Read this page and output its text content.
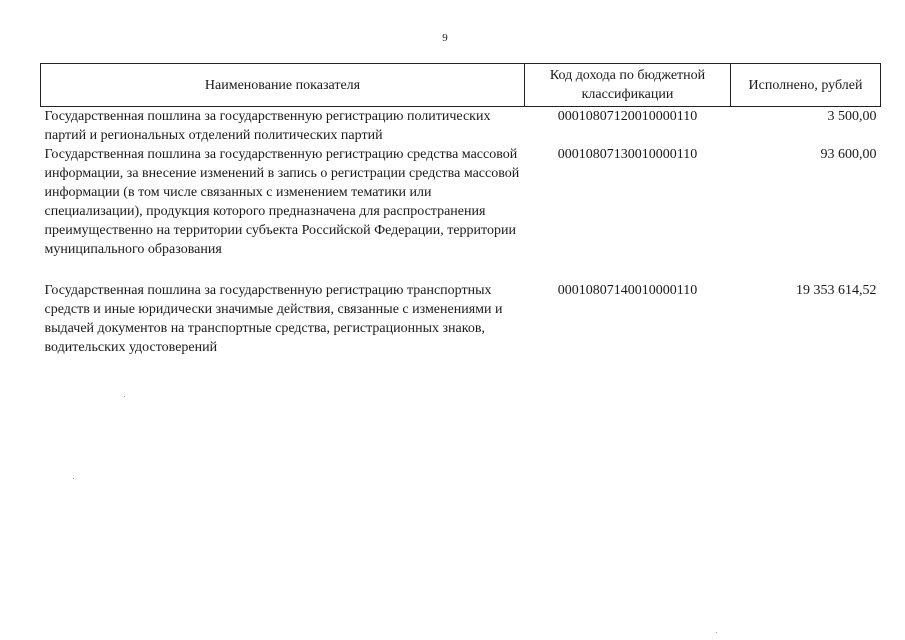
9
Наименование показателя	Код дохода по бюджетной классификации	Исполнено, рублей
Государственная пошлина за государственную регистрацию политических партий и региональных отделений политических партий	00010807120010000110	3 500,00
Государственная пошлина за государственную регистрацию средства массовой информации, за внесение изменений в запись о регистрации средства массовой информации (в том числе связанных с изменением тематики или специализации), продукция которого предназначена для распространения преимущественно на территории субъекта Российской Федерации, территории муниципального образования	00010807130010000110	93 600,00

Государственная пошлина за государственную регистрацию транспортных средств и иные юридически значимые действия, связанные с изменениями и выдачей документов на транспортные средства, регистрационных знаков, водительских удостоверений	00010807140010000110	19 353 614,52
